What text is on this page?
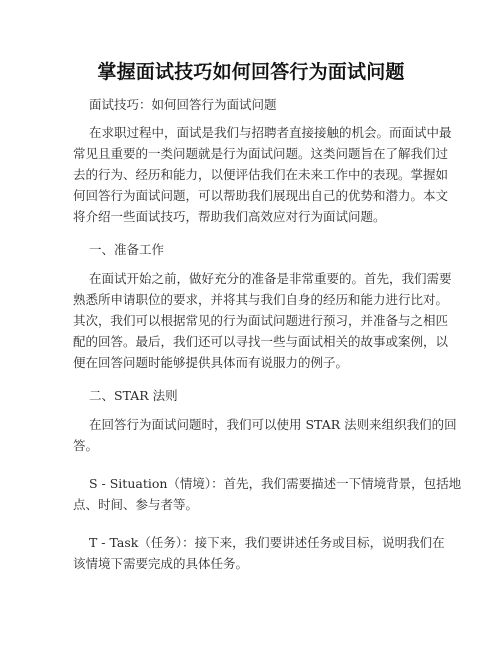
掌握面试技巧如何回答行为面试问题

面试技巧：如何回答行为面试问题

在求职过程中，面试是我们与招聘者直接接触的机会。而面试中最
常见且重要的一类问题就是行为面试问题。这类问题旨在了解我们过
去的行为、经历和能力，以便评估我们在未来工作中的表现。掌握如
何回答行为面试问题，可以帮助我们展现出自己的优势和潜力。本文
将介绍一些面试技巧，帮助我们高效应对行为面试问题。

一、准备工作

在面试开始之前，做好充分的准备是非常重要的。首先，我们需要
熟悉所申请职位的要求，并将其与我们自身的经历和能力进行比对。
其次，我们可以根据常见的行为面试问题进行预习，并准备与之相匹
配的回答。最后，我们还可以寻找一些与面试相关的故事或案例，以
便在回答问题时能够提供具体而有说服力的例子。

二、STAR 法则

在回答行为面试问题时，我们可以使用 STAR 法则来组织我们的回
答。

S - Situation（情境）：首先，我们需要描述一下情境背景，包括地
点、时间、参与者等。

T - Task（任务）：接下来，我们要讲述任务或目标，说明我们在
该情境下需要完成的具体任务。
